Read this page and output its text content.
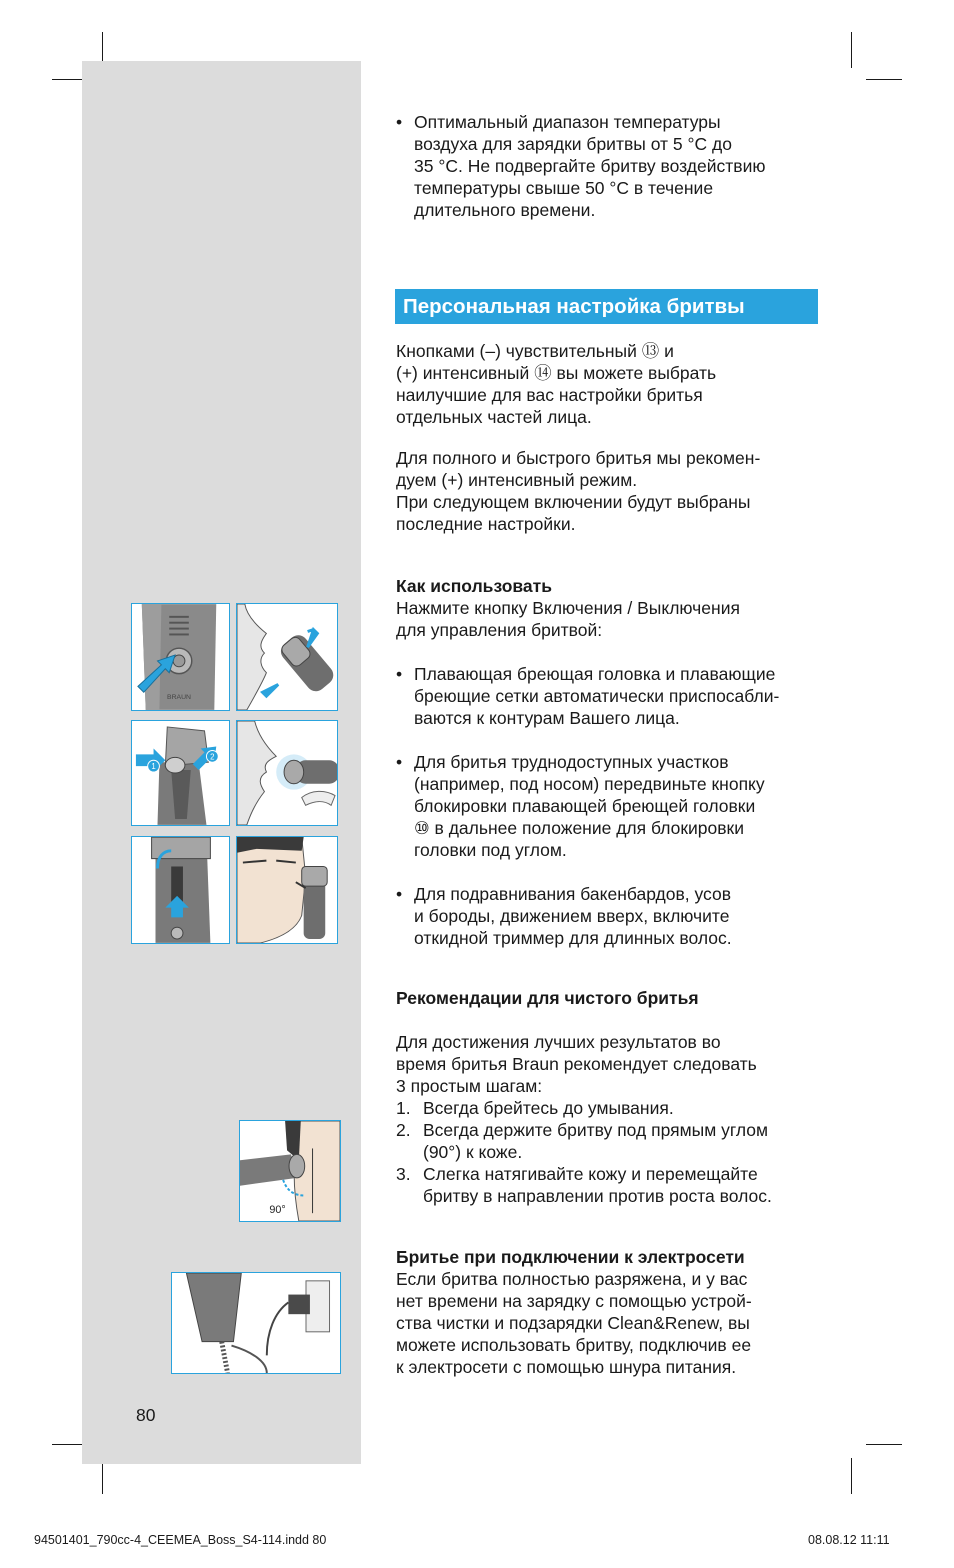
• Оптимальный диапазон температуры
воздуха для зарядки бритвы от 5 °C до
35 °C. Не подвергайте бритву воздействию
температуры свыше 50 °C в течение
длительного времени.

Персональная настройка бритвы

Кнопками (–) чувствительный ⑬ и

(+) интенсивный ⑭ вы можете выбрать

наилучшие для вас настройки бритья

отдельных частей лица.

Для полного и быстрого бритья мы рекомен-

дуем (+) интенсивный режим.

При следующем включении будут выбраны

последние настройки.

Как использовать

Нажмите кнопку Включения / Выключения

для управления бритвой:

• Плавающая бреющая головка и плавающие

бреющие сетки автоматически приспосабли-

ваются к контурам Вашего лица.

• Для бритья труднодоступных участков

(например, под носом) передвиньте кнопку

блокировки плавающей бреющей головки

⑩ в дальнее положение для блокировки

головки под углом.

• Для подравнивания бакенбардов, усов

и бороды, движением вверх, включите

откидной триммер для длинных волос.

Рекомендации для чистого бритья

Для достижения лучших результатов во

время бритья Braun рекомендует следовать

3 простым шагам:

1. Всегда брейтесь до умывания.

2. Всегда держите бритву под прямым углом

(90°) к коже.

3. Слегка натягивайте кожу и перемещайте

бритву в направлении против роста волос.

Бритье при подключении к электросети

Если бритва полностью разряжена, и у вас

нет времени на зарядку с помощью устрой-

ства чистки и подзарядки Clean&Renew, вы

можете использовать бритву, подключив ее

к электросети с помощью шнура питания.

BRAUN
1
2
90°
80
94501401_790cc-4_CEEMEA_Boss_S4-114.indd 80	08.08.12 11:11
